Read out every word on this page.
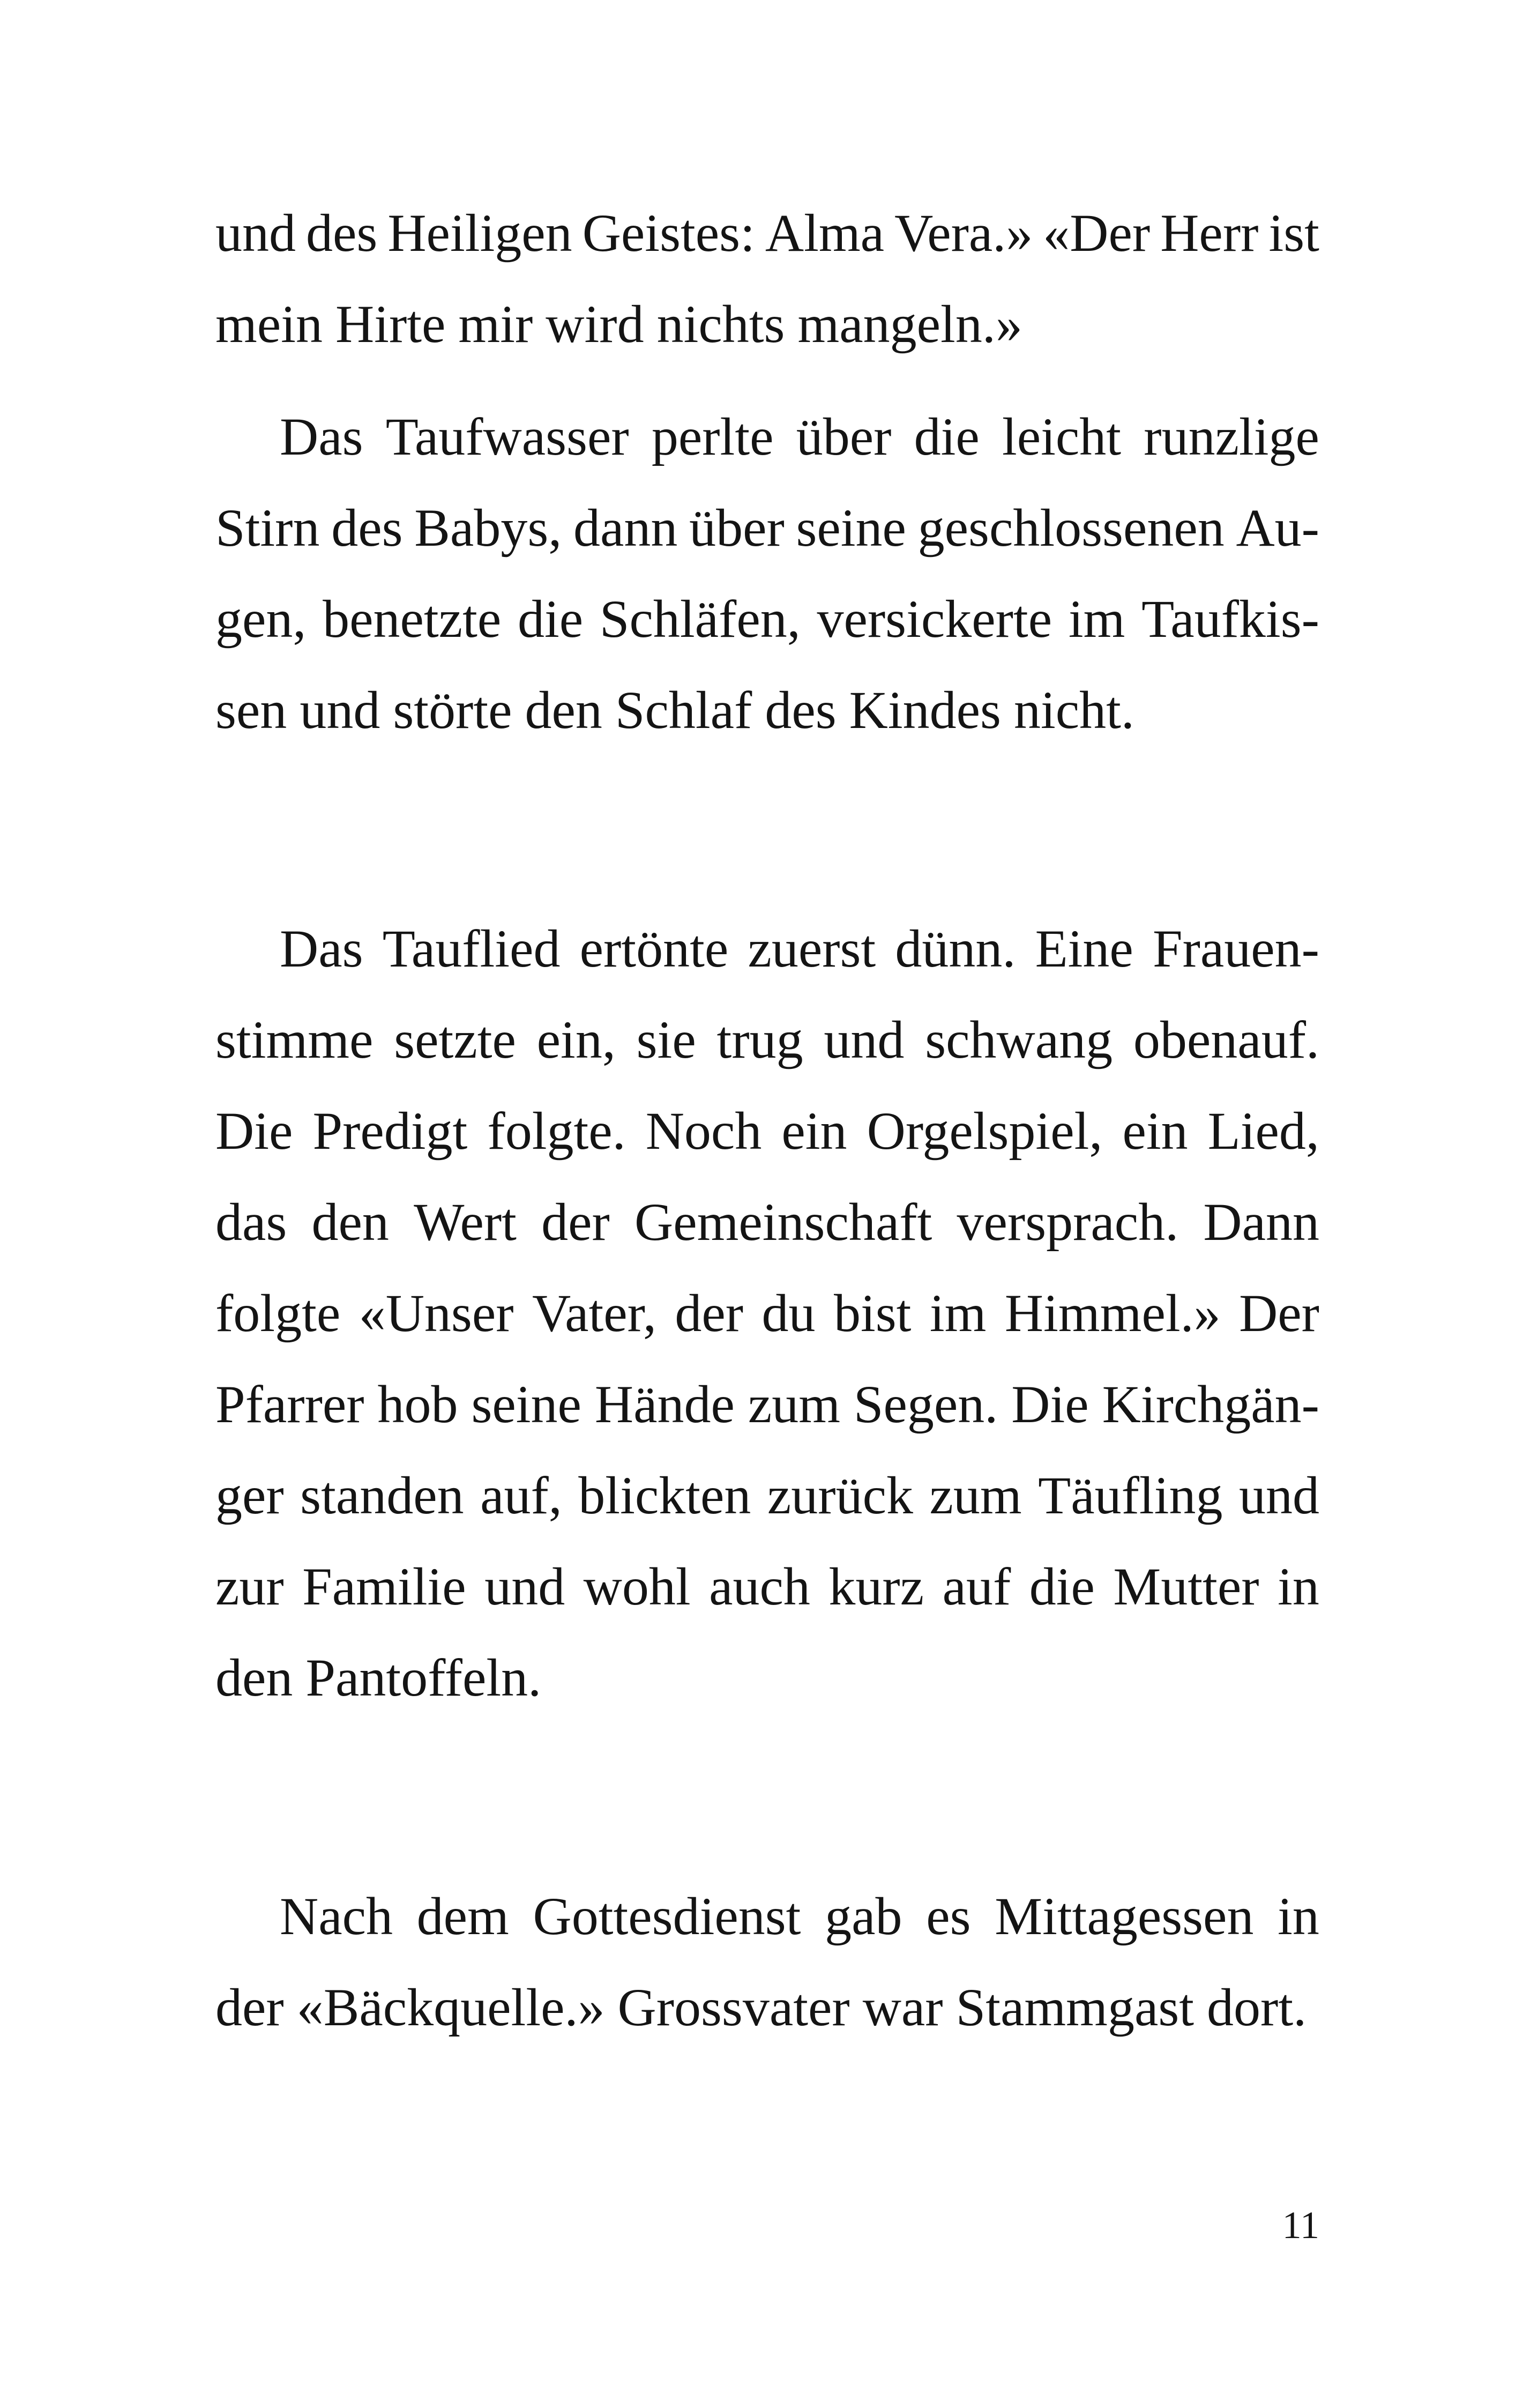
und des Heiligen Geistes: Alma Vera.» «Der Herr ist
mein Hirte mir wird nichts mangeln.»
Das Taufwasser perlte über die leicht runzlige
Stirn des Babys, dann über seine geschlossenen Au-
gen, benetzte die Schläfen, versickerte im Taufkis-
sen und störte den Schlaf des Kindes nicht.
Das Tauflied ertönte zuerst dünn. Eine Frauen-
stimme setzte ein, sie trug und schwang obenauf.
Die Predigt folgte. Noch ein Orgelspiel, ein Lied,
das den Wert der Gemeinschaft versprach. Dann
folgte «Unser Vater, der du bist im Himmel.» Der
Pfarrer hob seine Hände zum Segen. Die Kirchgän-
ger standen auf, blickten zurück zum Täufling und
zur Familie und wohl auch kurz auf die Mutter in
den Pantoffeln.
Nach dem Gottesdienst gab es Mittagessen in
der «Bäckquelle.» Grossvater war Stammgast dort.
11
